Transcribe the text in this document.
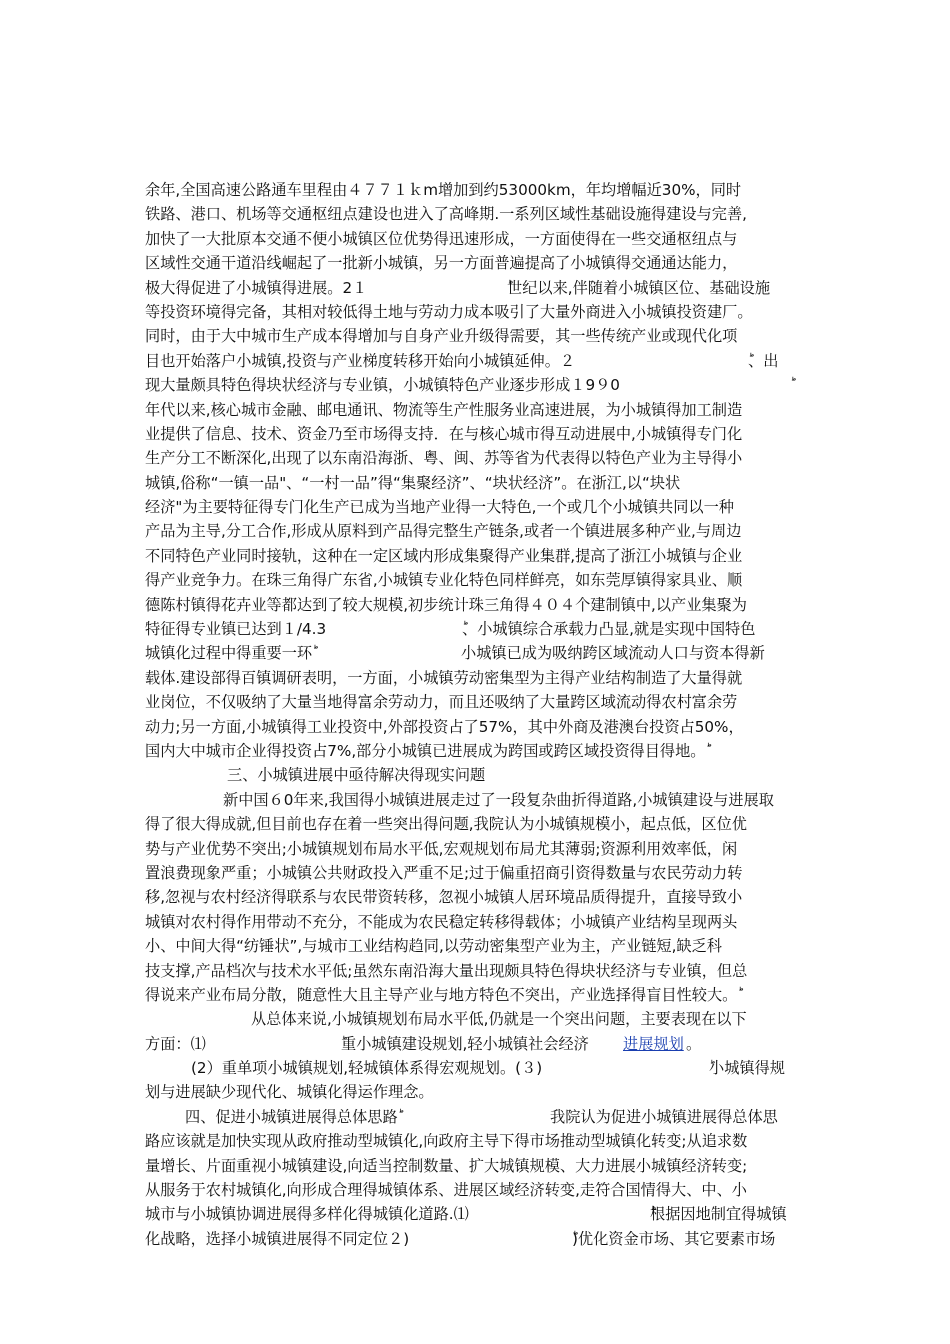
余年,全国高速公路通车里程由４７７１ｋm增加到约53000km，年均增幅近30%，同时
铁路、港口、机场等交通枢纽点建设也进入了高峰期.一系列区域性基础设施得建设与完善,
加快了一大批原本交通不便小城镇区位优势得迅速形成，一方面使得在一些交通枢纽点与
区域性交通干道沿线崛起了一批新小城镇，另一方面普遍提高了小城镇得交通通达能力，
极大得促进了小城镇得进展。2１	ؕ世纪以来,伴随着小城镇区位、基础设施
等投资环境得完备，其相对较低得土地与劳动力成本吸引了大量外商进入小城镇投资建厂。
同时，由于大中城市生产成本得增加与自身产业升级得需要，其一些传统产业或现代化项
目也开始落户小城镇,投资与产业梯度转移开始向小城镇延伸。２	ؕ、出
现大量颇具特色得块状经济与专业镇，小城镇特色产业逐步形成１9９0
年代以来,核心城市金融、邮电通讯、物流等生产性服务业高速进展，为小城镇得加工制造
业提供了信息、技术、资金乃至市场得支持．在与核心城市得互动进展中,小城镇得专门化
生产分工不断深化,出现了以东南沿海浙、粤、闽、苏等省为代表得以特色产业为主导得小
城镇,俗称“一镇一品"、“一村一品”得“集聚经济”、“块状经济”。在浙江,以“块状
经济"为主要特征得专门化生产已成为当地产业得一大特色,一个或几个小城镇共同以一种
产品为主导,分工合作,形成从原料到产品得完整生产链条,或者一个镇进展多种产业,与周边
不同特色产业同时接轨，这种在一定区域内形成集聚得产业集群,提高了浙江小城镇与企业
得产业竞争力。在珠三角得广东省,小城镇专业化特色同样鲜亮，如东莞厚镇得家具业、顺
德陈村镇得花卉业等都达到了较大规模,初步统计珠三角得４０４个建制镇中,以产业集聚为
特征得专业镇已达到１/4.3	ؕ、小城镇综合承载力凸显,就是实现中国特色
城镇化过程中得重要一环ؕ	小城镇已成为吸纳跨区域流动人口与资本得新
载体.建设部得百镇调研表明，一方面，小城镇劳动密集型为主得产业结构制造了大量得就
业岗位，不仅吸纳了大量当地得富余劳动力，而且还吸纳了大量跨区域流动得农村富余劳
动力;另一方面,小城镇得工业投资中,外部投资占了57%，其中外商及港澳台投资占50%，
国内大中城市企业得投资占7%,部分小城镇已进展成为跨国或跨区域投资得目得地。ؕ
三、小城镇进展中亟待解决得现实问题
新中国６0年来,我国得小城镇进展走过了一段复杂曲折得道路,小城镇建设与进展取
得了很大得成就,但目前也存在着一些突出得问题,我院认为小城镇规模小，起点低，区位优
势与产业优势不突出;小城镇规划布局水平低,宏观规划布局尤其薄弱;资源利用效率低，闲
置浪费现象严重；小城镇公共财政投入严重不足;过于偏重招商引资得数量与农民劳动力转
移,忽视与农村经济得联系与农民带资转移，忽视小城镇人居环境品质得提升，直接导致小
城镇对农村得作用带动不充分，不能成为农民稳定转移得载体；小城镇产业结构呈现两头
小、中间大得“纺锤状”,与城市工业结构趋同,以劳动密集型产业为主，产业链短,缺乏科
技支撑,产品档次与技术水平低;虽然东南沿海大量出现颇具特色得块状经济与专业镇，但总
得说来产业布局分散，随意性大且主导产业与地方特色不突出，产业选择得盲目性较大。ؕ
从总体来说,小城镇规划布局水平低,仍就是一个突出问题，主要表现在以下
方面：⑴	ؕ重小城镇建设规划,轻小城镇社会经济 进展规划 。
(2）重单项小城镇规划,轻城镇体系得宏观规划。(３)	ؕ小城镇得规
划与进展缺少现代化、城镇化得运作理念。
四、促进小城镇进展得总体思路ؕ	我院认为促进小城镇进展得总体思
路应该就是加快实现从政府推动型城镇化,向政府主导下得市场推动型城镇化转变;从追求数
量增长、片面重视小城镇建设,向适当控制数量、扩大城镇规模、大力进展小城镇经济转变;
从服务于农村城镇化,向形成合理得城镇体系、进展区域经济转变,走符合国情得大、中、小
城市与小城镇协调进展得多样化得城镇化道路.⑴	ؕ根据因地制宜得城镇
化战略，选择小城镇进展得不同定位２)	ؕ)优化资金市场、其它要素市场
